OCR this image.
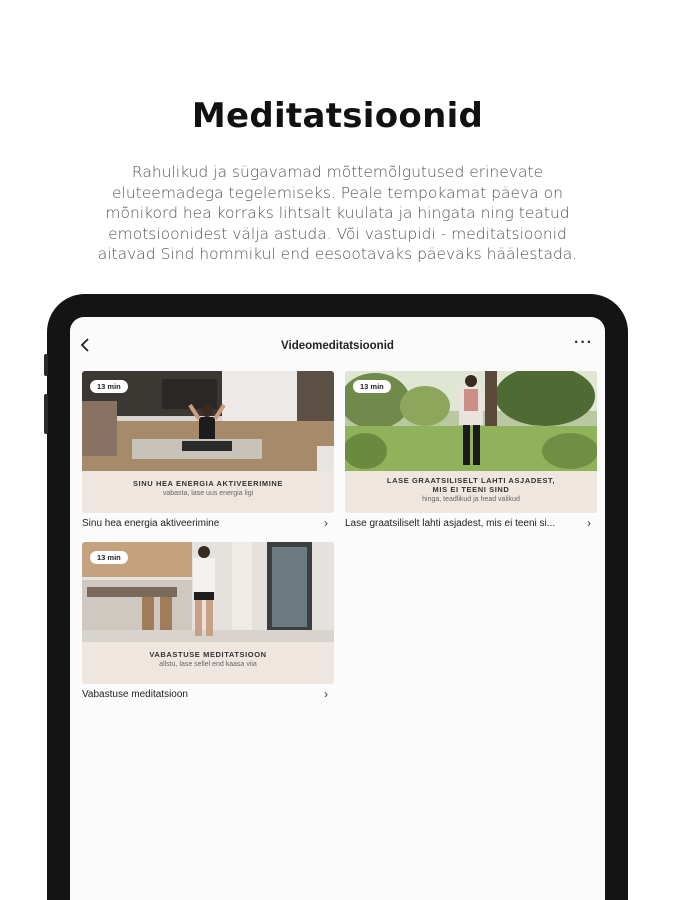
Meditatsioonid
Rahulikud ja sügavamad mõttemõlgutused erinevate eluteemadega tegelemiseks. Peale tempokamat päeva on mõnikord hea korraks lihtsalt kuulata ja hingata ning teatud emotsioonidest välja astuda. Või vastupidi - meditatsioonid aitavad Sind hommikul end eesootavaks päevaks häälestada.
Videomeditatsioonid	···
13 min
SINU HEA ENERGIA AKTIVEERIMINE
vabasta, lase uus energia ligi
Sinu hea energia aktiveerimine	›
13 min
LASE GRAATSILISELT LAHTI ASJADEST, MIS EI TEENI SIND
hinga, teadlikud ja head valikud
Lase graatsiliselt lahti asjadest, mis ei teeni si...	›
13 min
VABASTUSE MEDITATSIOON
allstu, lase sellel end kaasa viia
Vabastuse meditatsioon	›
